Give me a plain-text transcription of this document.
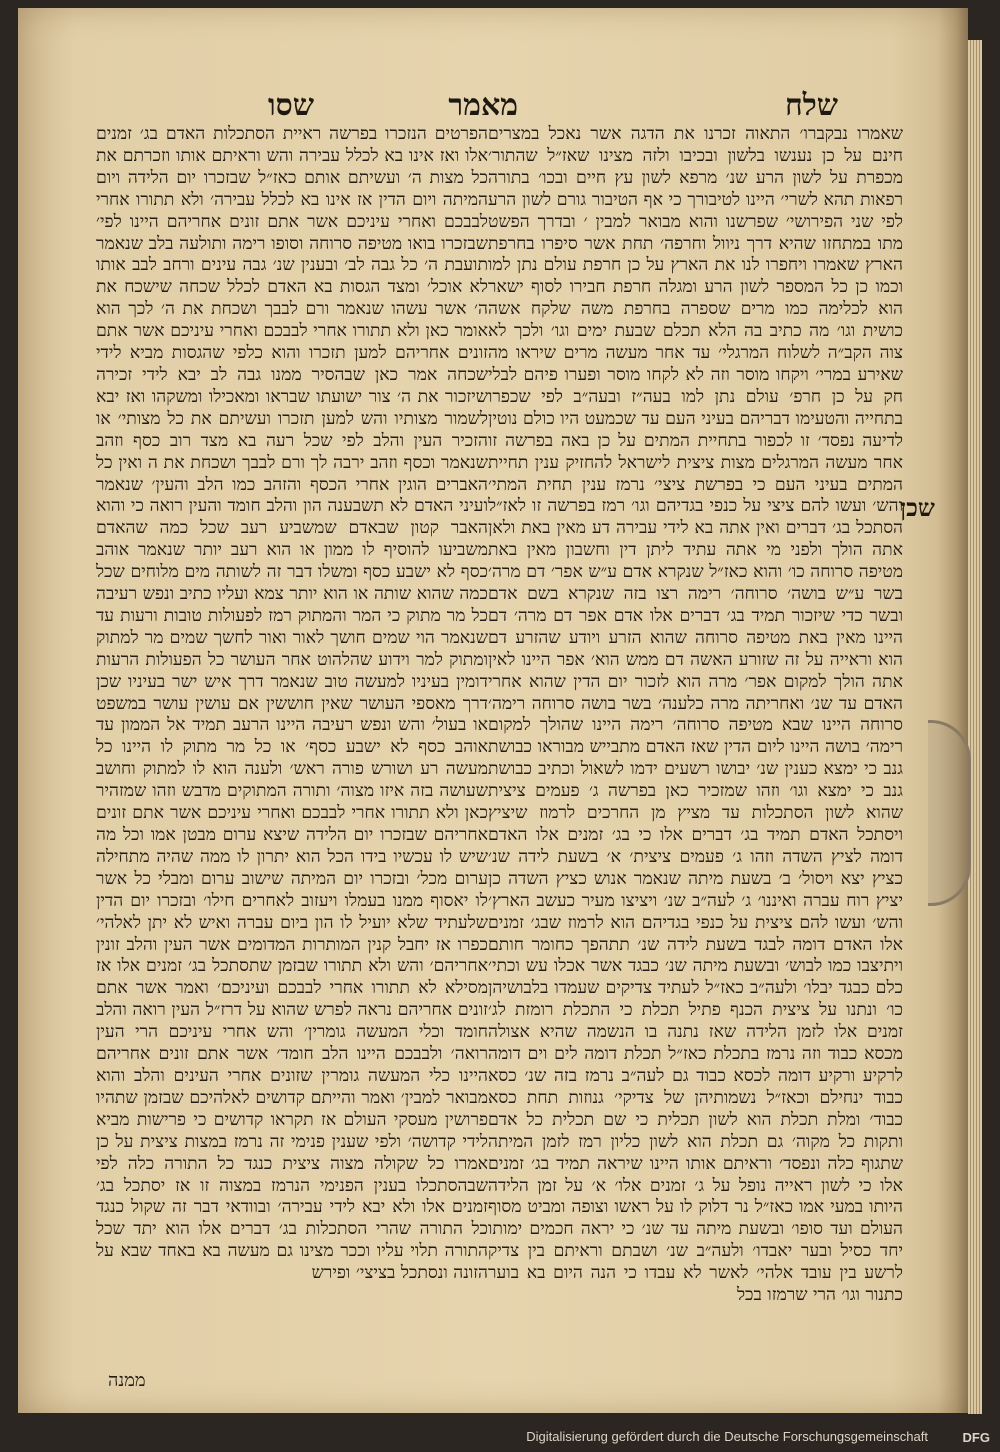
שלח
מאמר
שסו

שאמרו נבקברו׳ התאוה זכרנו את הדגה אשר נאכל במצרים חינם על כן נענשו בלשון ובכיבו ולזה מצינו שאז״ל שהתור׳ מכפרת על לשון הרע שנ׳ מרפא לשון עץ חיים ובכו׳ בתורה רפאות תהא לשרי׳ היינו לטיבורך כי אף הטיבור גורם לשון הרע לפי שני הפירושי׳ שפרשנו והוא מבואר למבין ׳ ובדרך הפשט מתו במתחזו שהיא דרך ניוול וחרפה׳ תחת אשר סיפרו בחרפת הארץ שאמרו ויחפרו לנו את הארץ על כן חרפת עולם נתן למו וכמו כן כל המספר לשון הרע ומגלה חרפת חבירו לסוף ישאר הוא לכלימה כמו מרים שספרה בחרפת משה שלקח אשה כושית וגו׳ מה כתיב בה הלא תכלם שבעת ימים וגו׳ ולכך לא צוה הקב״ה לשלוח המרגלי׳ עד אחר מעשה מרים שיראו מה שאירע במרי׳ ויקחו מוסר וזה לא לקחו מוסר ופערו פיהם לבלי חק על כן חרפ׳ עולם נתן למו בעה״ז ובעה״ב לפי שכפרו בתחייה והטעימו דבריהם בעיני העם עד שכמעט היו כולם נוטין לדיעה נפסד׳ זו לכפור בתחיית המתים על כן באה בפרשה זו אחר מעשה המרגלים מצות ציצית לישראל להחזיק ענין תחיית המתים בעיני העם כי בפרשת ציצי׳ נרמז ענין תחית המתי׳ והש׳ ועשו להם ציצי על כנפי בגדיהם וגו׳ רמז בפרשה זו לאז״ל הסתכל בג׳ דברים ואין אתה בא לידי עבירה דע מאין באת ולאן אתה הולך ולפני מי אתה עתיד ליתן דין וחשבון מאין באת מטיפה סרוחה כו׳ והוא כאז״ל שנקרא אדם ע״ש אפר׳ דם מרה׳ בשר ע״ש בושה׳ סרוחה׳ רימה רצו בזה שנקרא בשם אדם ובשר כדי שיזכור תמיד בג׳ דברים אלו אדם אפר דם מרה׳ דם היינו מאין באת מטיפה סרוחה שהוא הזרע ויודע שהזרע דם הוא וראייה על זה שזורע האשה דם ממש הוא׳ אפר היינו לאין אתה הולך למקום אפר׳ מרה הוא לזכור יום הדין שהוא אחרי האדם עד שנ׳ ואחריתה מרה כלענה׳ בשר בושה סרוחה רימה׳ סרוחה היינו שבא מטיפה סרוחה׳ רימה היינו שהולך למקום רימה׳ בושה היינו ליום הדין שאז האדם מתבייש מבוראו כבושת גנב כי ימצא כענין שנ׳ יבושו רשעים ידמו לשאול וכתיב כבושת גנב כי ימצא וגו׳ וזהו שמזכיר כאן בפרשה ג׳ פעמים ציצית שהוא לשון הסתכלות עד מציץ מן החרכים לרמוז שיציץ ויסתכל האדם תמיד בג׳ דברים אלו כי בג׳ זמנים אלו האדם דומה לציץ השדה וזהו ג׳ פעמים ציצית׳ א׳ בשעת לידה שנ׳ כציץ יצא ויסול׳ ב׳ בשעת מיתה שנאמר אנוש כציץ השדה כן יציץ רוח עברה ואיננו׳ ג׳ לעה״ב שנ׳ ויציצו מעיר כעשב הארץ׳ והש׳ ועשו להם ציצית על כנפי בגדיהם הוא לרמוז שבג׳ זמנים אלו האדם דומה לבגד בשעת לידה שנ׳ תתהפך כחומר חותם ויתיצבו כמו לבוש׳ ובשעת מיתה שנ׳ כבגד אשר אכלו עש וכתי׳ כלם כבגד יבלו׳ ולעה״ב כאז״ל לעתיד צדיקים שעמדו בלבושיהן כו׳ ונתנו על ציצית הכנף פתיל תכלת כי התכלת רומזת לג׳ זמנים אלו לזמן הלידה שאז נתנה בו הנשמה שהיא אצולה מכסא כבוד וזה נרמז בתכלת כאז״ל תכלת דומה לים וים דומה לרקיע ורקיע דומה לכסא כבוד גם לעה״ב נרמז בזה שנ׳ כסא כבוד ינחילם וכאז״ל נשמותיהן של צדיקי׳ גנוזות תחת כסא כבוד׳ ומלת תכלת הוא לשון תכלית כי שם תכלית כל אדם ותקות כל מקוה׳ גם תכלת הוא לשון כליון רמז לזמן המיתה שתגוף כלה ונפסד׳ וראיתם אותו היינו שיראה תמיד בג׳ זמנים אלו כי לשון ראייה נופל על ג׳ זמנים אלו׳ א׳ על זמן הלידה היותו במעי אמו כאז״ל נר דלוק לו על ראשו וצופה ומביט מסוף העולם ועד סופו׳ ובשעת מיתה עד שנ׳ כי יראה חכמים ימותו יחד כסיל ובער יאבדו׳ ולעה״ב שנ׳ ושבתם וראיתם בין צדיק לרשע בין עובד אלהי׳ לאשר לא עבדו כי הנה היום בא בוער כתנור וגו׳ הרי שרמזו בכל

הפרטים הנזכרו בפרשה ראיית הסתכלות האדם בג׳ זמנים אלו ואז אינו בא לכלל עבירה והש וראיתם אותו וזכרתם את כל מצות ה׳ ועשיתם אותם כאז״ל שבזכרו יום הלידה ויום המיתה ויום הדין אז אינו בא לכלל עבירה׳ ולא תתורו אחרי לבבכם ואחרי עיניכם אשר אתם זונים אחריהם היינו לפי׳ שבזכרו בואו מטיפה סרוחה וסופו רימה ותולעה בלב שנאמר תועבת ה׳ כל גבה לב׳ ובענין שנ׳ גבה עינים ורחב לבב אותו לא אוכל׳ ומצד הגסות בא האדם לכלל שכחה שישכח את ה׳ אשר עשהו שנאמר ורם לבבך ושכחת את ה׳ לכך הוא אומר כאן ולא תתורו אחרי לבבכם ואחרי עיניכם אשר אתם זונים אחריהם למען תזכרו והוא כלפי שהגסות מביא לידי שכחה אמר כאן שבהסיר ממנו גבה לב יבא לידי זכירה שיזכור את ה׳ צור ישועתו שבראו ומאכילו ומשקהו ואז יבא לשמור מצותיו והש למען תזכרו ועשיתם את כל מצותי׳ או הזכיר העין והלב לפי שכל רעה בא מצד רוב כסף וזהב שנאמר וכסף וזהב ירבה לך ורם לבבך ושכחת את ה ואין כל האברים הוגין אחרי הכסף והזהב כמו הלב והעין׳ שנאמר ועיני האדם לא תשבענה הון והלב חומד והעין רואה כי והוא האבר קטון שבאדם שמשביע רעב שכל כמה שהאדם משביעו להוסיף לו ממון או הוא רעב יותר שנאמר אוהב כסף לא ישבע כסף ומשלו דבר זה לשותה מים מלוחים שכל כמה שהוא שותה או הוא יותר צמא ועליו כתיב ונפש רעיבה כל מר מתוק כי המר והמתוק רמז לפעולות טובות ורעות עד שנאמר הוי שמים חושך לאור ואור לחשך שמים מר למתוק ומתוק למר וידוע שהלהוט אחר העושר כל הפעולות הרעות דומין בעיניו למעשה טוב שנאמר דרך איש ישר בעיניו שכן דרך מאספי העושר שאין חוששין אם עושין עושר במשפט או בעול׳ והש ונפש רעיבה היינו הרעב תמיד אל הממון עד אוהב כסף לא ישבע כסף׳ או כל מר מתוק לו היינו כל מעשה רע ושורש פורה ראש׳ ולענה הוא לו למתוק וחושב שעושה בזה איזו מצוה׳ ותורה המתוקים מדבש וזהו שמזהיר כאן ולא תתורו אחרי לבבכם ואחרי עיניכם אשר אתם זונים אחריהם שבזכרו יום הלידה שיצא ערום מבטן אמו וכל מה שיש לו עכשיו בידו הכל הוא יתרון לו ממה שהיה מתחילה ערום מכל׳ ובזכרו יום המיתה שישוב ערום ומבלי כל אשר לו יאסוף ממנו בעמלו ויעזוב לאחרים חילו׳ ובזכרו יום הדין שלעתיד שלא יועיל לו הון ביום עברה ואיש לא יתן לאלהי׳ כפרו אז יחבל קנין המותרות המדומים אשר העין והלב זונין אחריהם׳ והש ולא תתורו שבזמן שתסתכל בג׳ זמנים אלו אז מסילא לא תתורו אחרי לבבכם ועיניכם׳ ואמר אשר אתם זונים אחריהם נראה לפרש שהוא על דרז״ל העין רואה והלב חומד וכלי המעשה גומרין׳ והש אחרי עיניכם הרי העין רואה׳ ולבבכם היינו הלב חומד׳ אשר אתם זונים אחריהם היינו כלי המעשה גומרין שזונים אחרי העינים והלב והוא מבואר למבין׳ ואמר והייתם קדושים לאלהיכם שבזמן שתהיו פרושין מעסקי העולם אז תקראו קדושים כי פרישות מביא לידי קדושה׳ ולפי שענין פנימי זה נרמז במצות ציצית על כן אמרו כל שקולה מצוה ציצית כנגד כל התורה כלה לפי שבהסתכלו בענין הפנימי הנרמז במצוה זו אז יסתכל בג׳ זמנים אלו ולא יבא לידי עבירה׳ ובוודאי דבר זה שקול כנגד כל התורה שהרי הסתכלות בג׳ דברים אלו הוא יתד שכל התורה תלוי עליו וככר מצינו גם מעשה בא באחד שבא על הזונה ונסתכל בציצי׳ ופירש

ממנה
שכן
Digitalisierung gefördert durch die Deutsche Forschungsgemeinschaft	DFG
